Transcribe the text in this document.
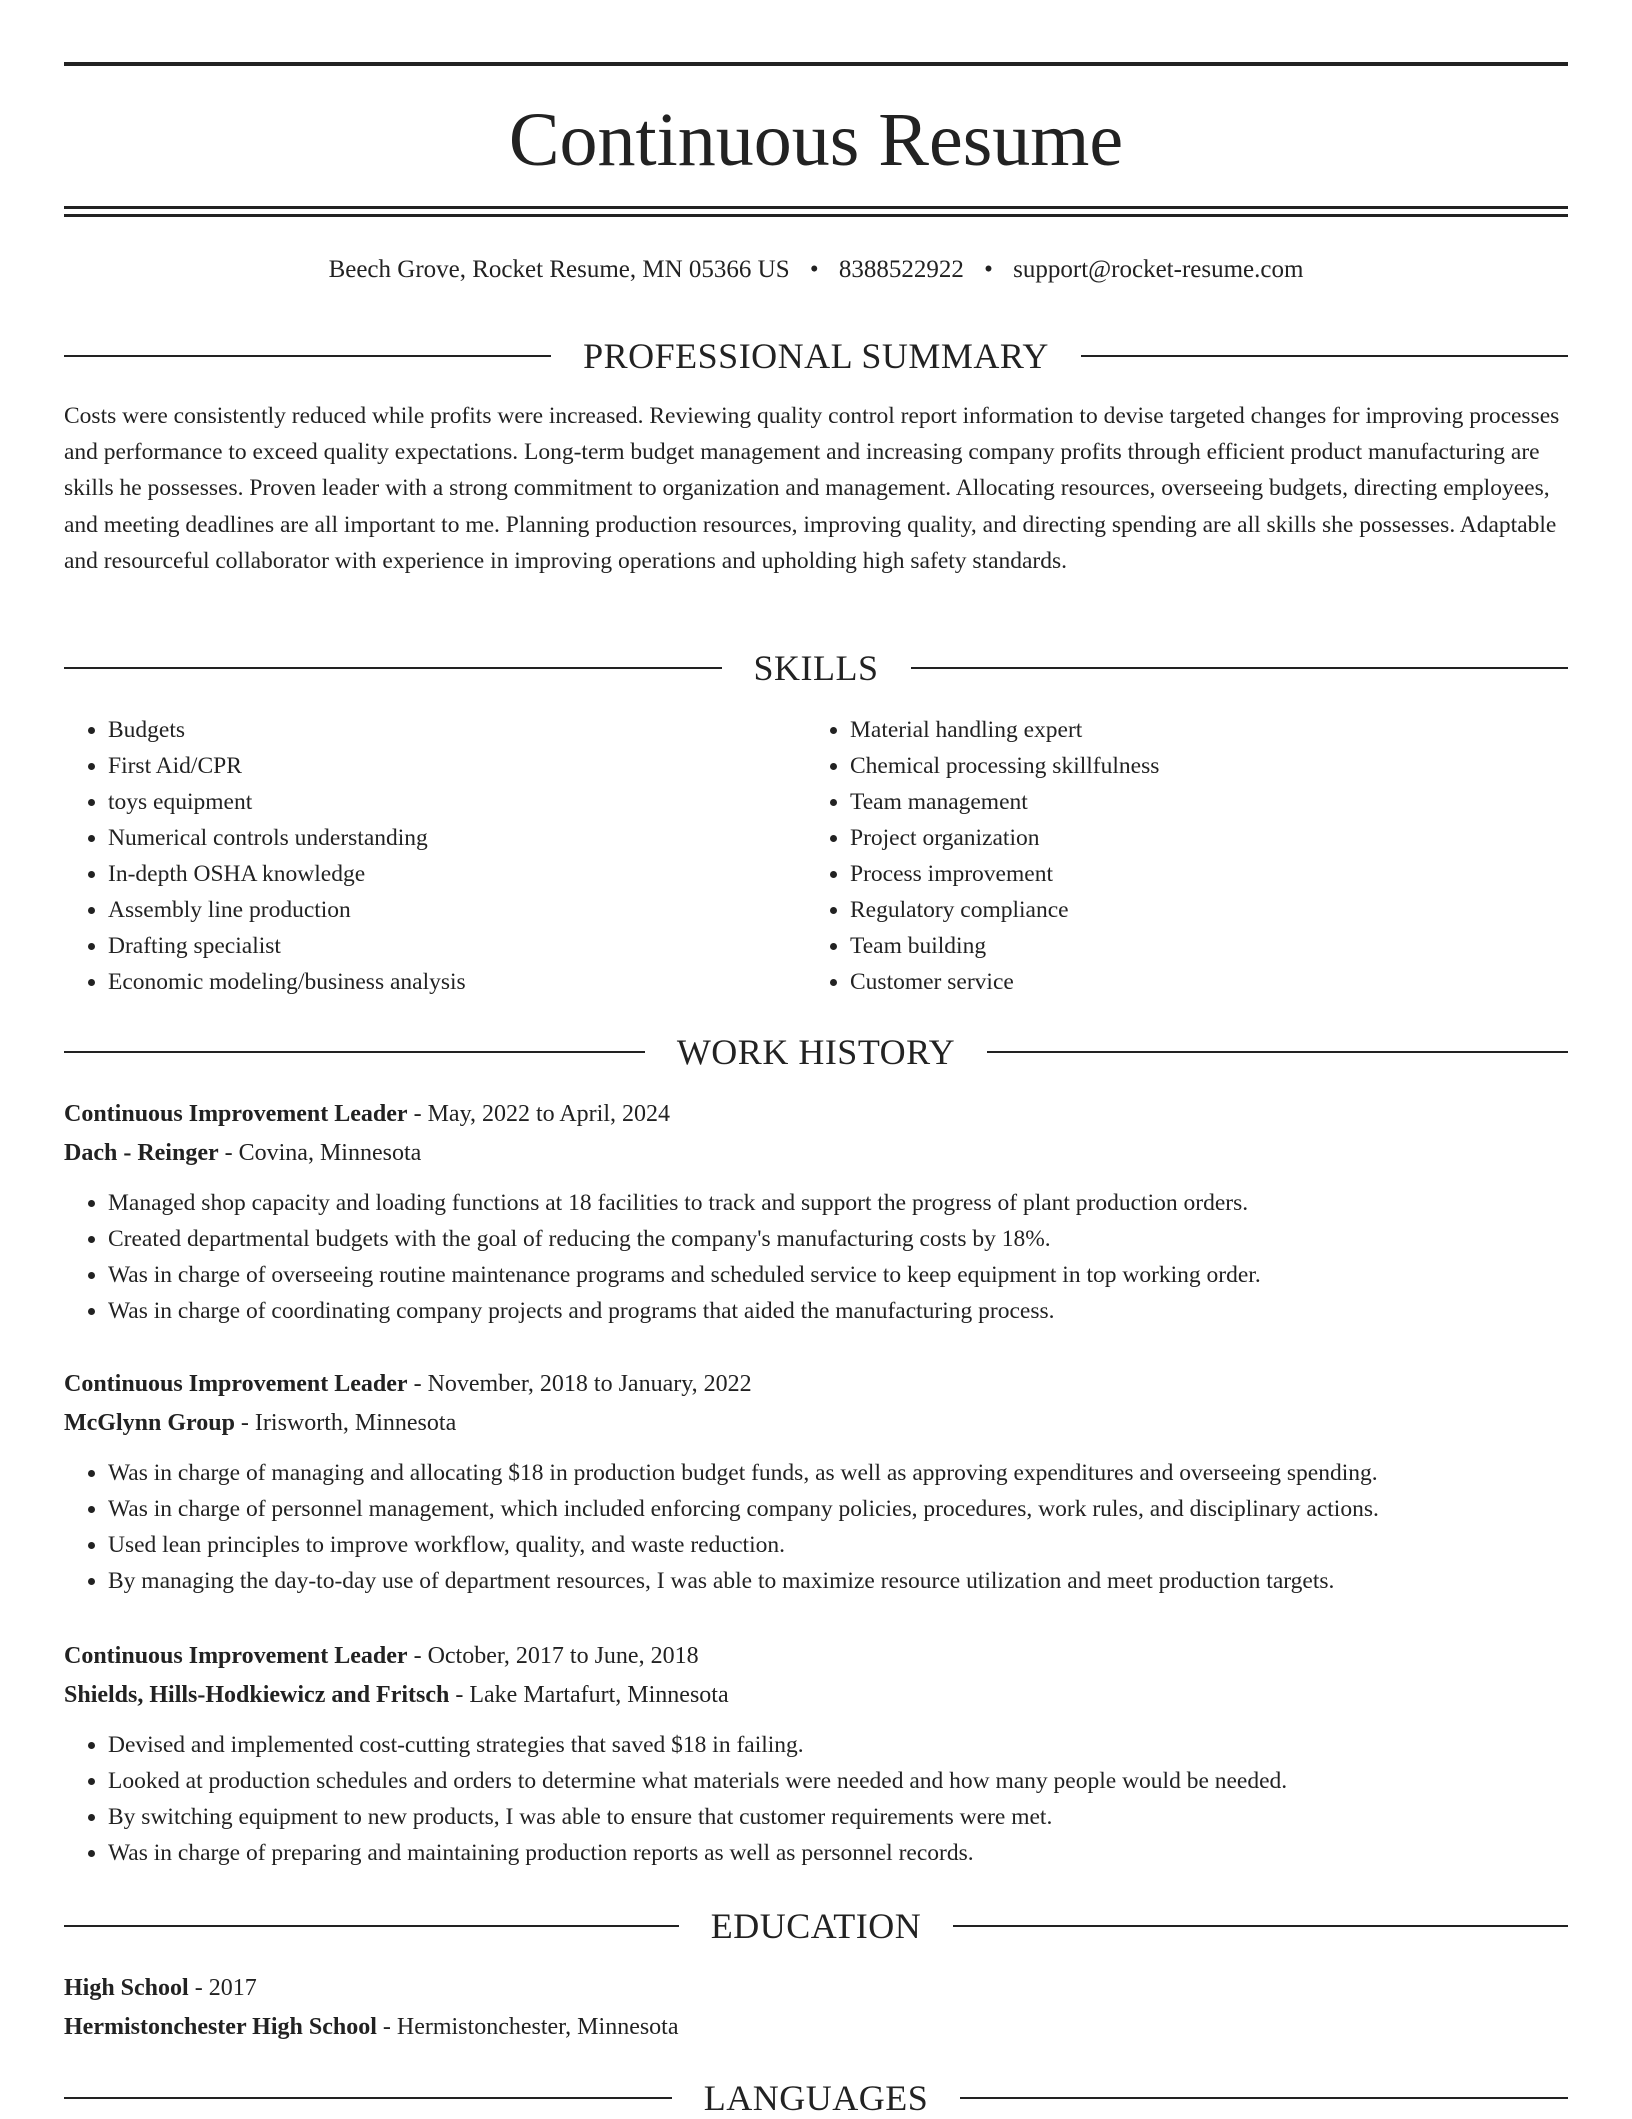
Continuous Resume
Beech Grove, Rocket Resume, MN 05366 US • 8388522922 • support@rocket-resume.com
PROFESSIONAL SUMMARY

Costs were consistently reduced while profits were increased. Reviewing quality control report information to devise targeted changes for improving processes and performance to exceed quality expectations. Long-term budget management and increasing company profits through efficient product manufacturing are skills he possesses. Proven leader with a strong commitment to organization and management. Allocating resources, overseeing budgets, directing employees, and meeting deadlines are all important to me. Planning production resources, improving quality, and directing spending are all skills she possesses. Adaptable and resourceful collaborator with experience in improving operations and upholding high safety standards.

SKILLS
• Budgets
• First Aid/CPR
• toys equipment
• Numerical controls understanding
• In-depth OSHA knowledge
• Assembly line production
• Drafting specialist
• Economic modeling/business analysis
• Material handling expert
• Chemical processing skillfulness
• Team management
• Project organization
• Process improvement
• Regulatory compliance
• Team building
• Customer service
WORK HISTORY
Continuous Improvement Leader - May, 2022 to April, 2024
Dach - Reinger - Covina, Minnesota
• Managed shop capacity and loading functions at 18 facilities to track and support the progress of plant production orders.
• Created departmental budgets with the goal of reducing the company's manufacturing costs by 18%.
• Was in charge of overseeing routine maintenance programs and scheduled service to keep equipment in top working order.
• Was in charge of coordinating company projects and programs that aided the manufacturing process.
Continuous Improvement Leader - November, 2018 to January, 2022
McGlynn Group - Irisworth, Minnesota
• Was in charge of managing and allocating $18 in production budget funds, as well as approving expenditures and overseeing spending.
• Was in charge of personnel management, which included enforcing company policies, procedures, work rules, and disciplinary actions.
• Used lean principles to improve workflow, quality, and waste reduction.
• By managing the day-to-day use of department resources, I was able to maximize resource utilization and meet production targets.
Continuous Improvement Leader - October, 2017 to June, 2018
Shields, Hills-Hodkiewicz and Fritsch - Lake Martafurt, Minnesota
• Devised and implemented cost-cutting strategies that saved $18 in failing.
• Looked at production schedules and orders to determine what materials were needed and how many people would be needed.
• By switching equipment to new products, I was able to ensure that customer requirements were met.
• Was in charge of preparing and maintaining production reports as well as personnel records.
EDUCATION
High School - 2017
Hermistonchester High School - Hermistonchester, Minnesota
LANGUAGES
